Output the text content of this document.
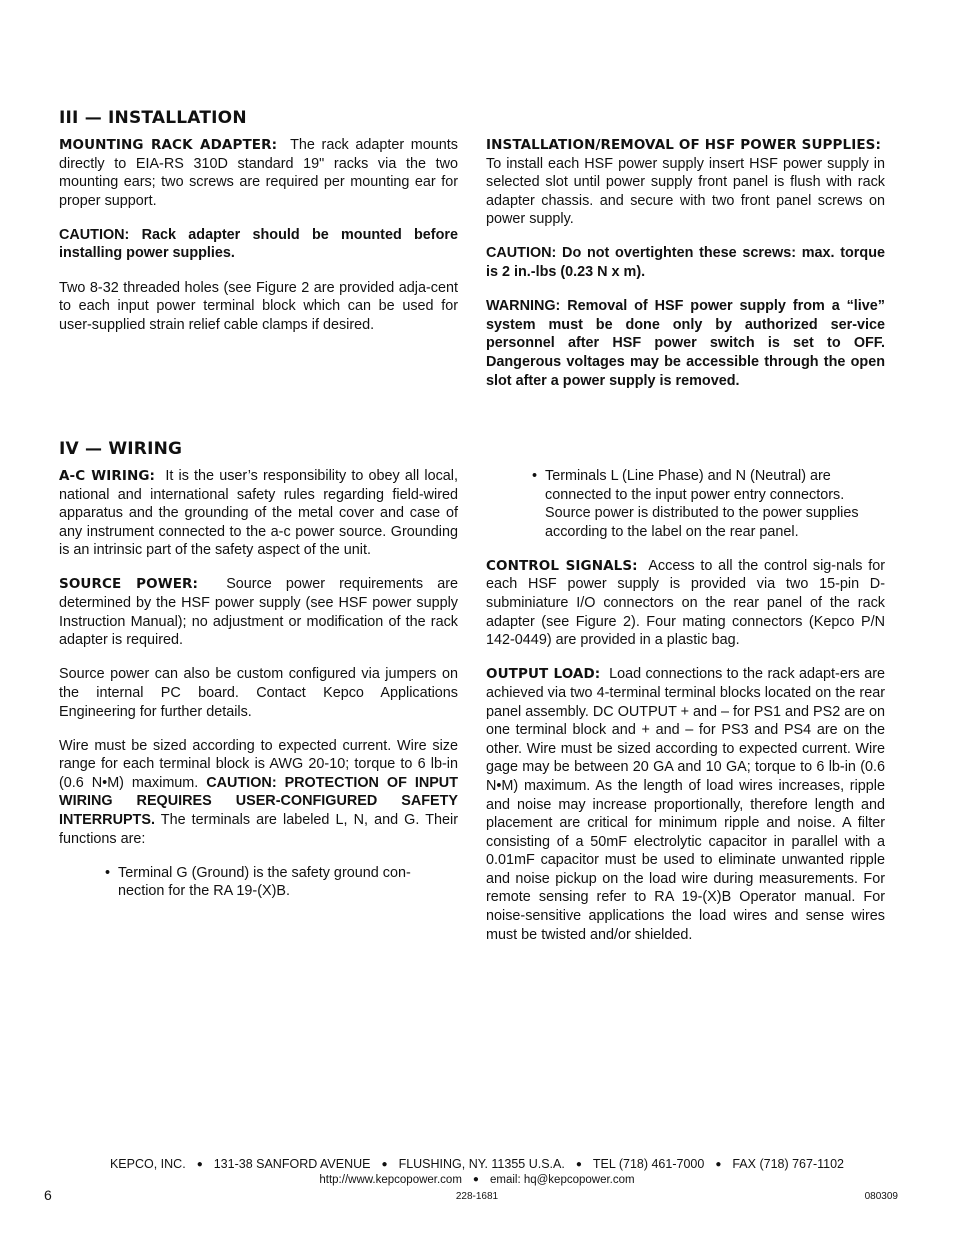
III — INSTALLATION

MOUNTING RACK ADAPTER: The rack adapter mounts directly to EIA-RS 310D standard 19" racks via the two mounting ears; two screws are required per mounting ear for proper support.

CAUTION: Rack adapter should be mounted before installing power supplies.

Two 8-32 threaded holes (see Figure 2 are provided adja-cent to each input power terminal block which can be used for user-supplied strain relief cable clamps if desired.

INSTALLATION/REMOVAL OF HSF POWER SUPPLIES:  To install each HSF power supply insert HSF power supply in selected slot until power supply front panel is flush with rack adapter chassis. and secure with two front panel screws on power supply.

CAUTION: Do not overtighten these screws: max. torque is 2 in.-lbs (0.23 N x m).

WARNING: Removal of HSF power supply from a “live” system must be done only by authorized ser-vice personnel after HSF power switch is set to OFF. Dangerous voltages may be accessible through the open slot after a power supply is removed.

IV — WIRING

A-C WIRING: It is the user’s responsibility to obey all local, national and international safety rules regarding field-wired apparatus and the grounding of the metal cover and case of any instrument connected to the a-c power source. Grounding is an intrinsic part of the safety aspect of the unit.

SOURCE POWER: Source power requirements are determined by the HSF power supply (see HSF power supply Instruction Manual); no adjustment or modification of the rack adapter is required.

Source power can also be custom configured via jumpers on the internal PC board. Contact Kepco Applications Engineering for further details.

Wire must be sized according to expected current. Wire size range for each terminal block is AWG 20-10; torque to 6 lb-in (0.6 N•M) maximum. CAUTION: PROTECTION OF INPUT WIRING REQUIRES USER-CONFIGURED SAFETY INTERRUPTS. The terminals are labeled L, N, and G. Their functions are:

• Terminal G (Ground) is the safety ground con-nection for the RA 19-(X)B.

• Terminals L (Line Phase) and N (Neutral) are connected to the input power entry connectors. Source power is distributed to the power supplies according to the label on the rear panel.

CONTROL SIGNALS: Access to all the control sig-nals for each HSF power supply is provided via two 15-pin D-subminiature I/O connectors on the rear panel of the rack adapter (see Figure 2). Four mating connectors (Kepco P/N 142-0449) are provided in a plastic bag.

OUTPUT LOAD: Load connections to the rack adapt-ers are achieved via two 4-terminal terminal blocks located on the rear panel assembly. DC OUTPUT + and – for PS1 and PS2 are on one terminal block and + and – for PS3 and PS4 are on the other. Wire must be sized according to expected current. Wire gage may be between 20 GA and 10 GA; torque to 6 lb-in (0.6 N•M) maximum. As the length of load wires increases, ripple and noise may increase proportionally, therefore length and placement are critical for minimum ripple and noise. A filter consisting of a 50mF electrolytic capacitor in parallel with a 0.01mF capacitor must be used to eliminate unwanted ripple and noise pickup on the load wire during measurements. For remote sensing refer to RA 19-(X)B Operator manual. For noise-sensitive applications the load wires and sense wires must be twisted and/or shielded.

KEPCO, INC. ● 131-38 SANFORD AVENUE ● FLUSHING, NY. 11355 U.S.A. ● TEL (718) 461-7000 ● FAX (718) 767-1102
http://www.kepcopower.com ● email: hq@kepcopower.com
6	228-1681	080309
